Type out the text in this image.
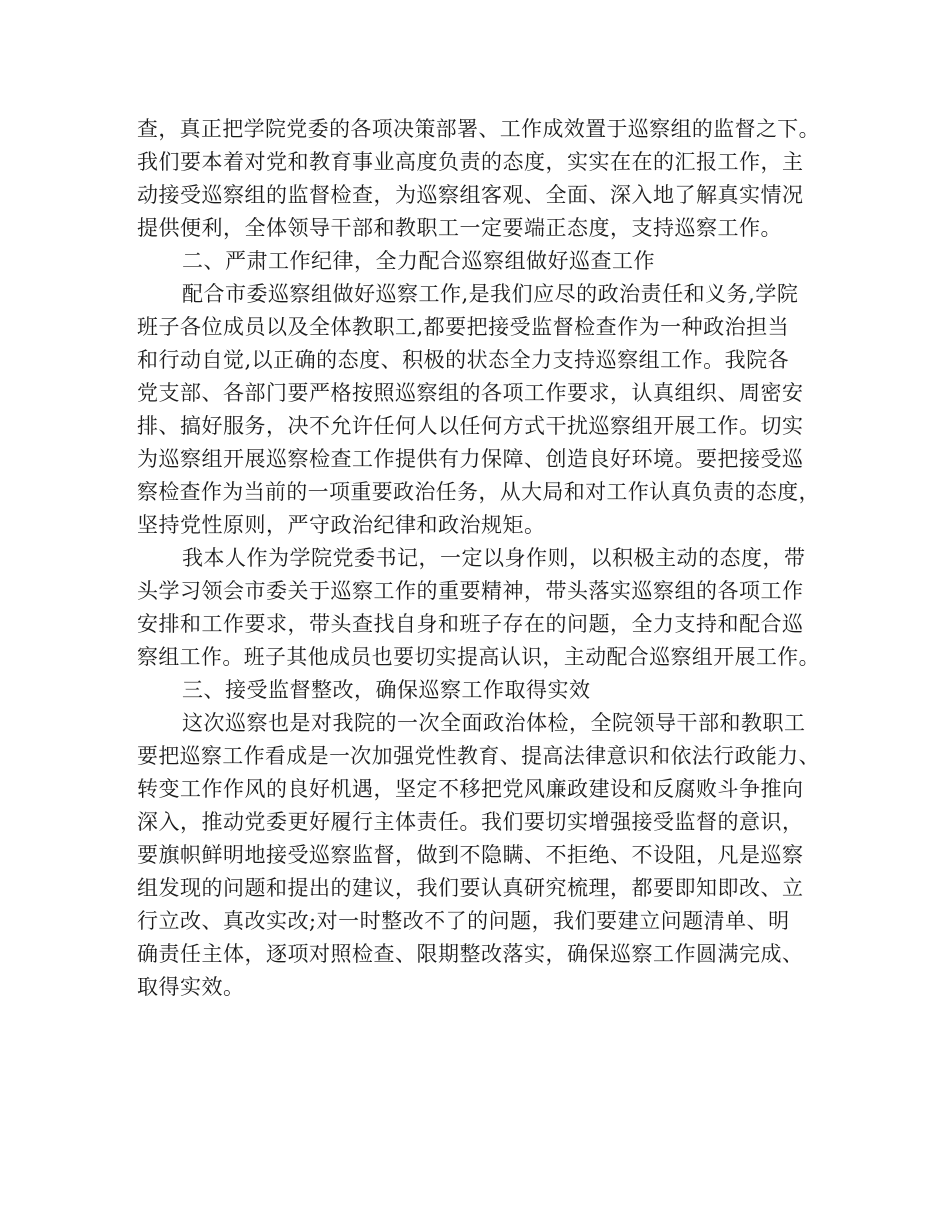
查，真正把学院党委的各项决策部署、工作成效置于巡察组的监督之下。
我们要本着对党和教育事业高度负责的态度，实实在在的汇报工作，主
动接受巡察组的监督检查，为巡察组客观、全面、深入地了解真实情况
提供便利，全体领导干部和教职工一定要端正态度，支持巡察工作。
二、严肃工作纪律，全力配合巡察组做好巡查工作
配合市委巡察组做好巡察工作,是我们应尽的政治责任和义务,学院
班子各位成员以及全体教职工,都要把接受监督检查作为一种政治担当
和行动自觉,以正确的态度、积极的状态全力支持巡察组工作。我院各
党支部、各部门要严格按照巡察组的各项工作要求，认真组织、周密安
排、搞好服务，决不允许任何人以任何方式干扰巡察组开展工作。切实
为巡察组开展巡察检查工作提供有力保障、创造良好环境。要把接受巡
察检查作为当前的一项重要政治任务，从大局和对工作认真负责的态度，
坚持党性原则，严守政治纪律和政治规矩。
我本人作为学院党委书记，一定以身作则，以积极主动的态度，带
头学习领会市委关于巡察工作的重要精神，带头落实巡察组的各项工作
安排和工作要求，带头查找自身和班子存在的问题，全力支持和配合巡
察组工作。班子其他成员也要切实提高认识，主动配合巡察组开展工作。
三、接受监督整改，确保巡察工作取得实效
这次巡察也是对我院的一次全面政治体检，全院领导干部和教职工
要把巡察工作看成是一次加强党性教育、提高法律意识和依法行政能力、
转变工作作风的良好机遇，坚定不移把党风廉政建设和反腐败斗争推向
深入，推动党委更好履行主体责任。我们要切实增强接受监督的意识，
要旗帜鲜明地接受巡察监督，做到不隐瞒、不拒绝、不设阻，凡是巡察
组发现的问题和提出的建议，我们要认真研究梳理，都要即知即改、立
行立改、真改实改;对一时整改不了的问题，我们要建立问题清单、明
确责任主体，逐项对照检查、限期整改落实，确保巡察工作圆满完成、
取得实效。
